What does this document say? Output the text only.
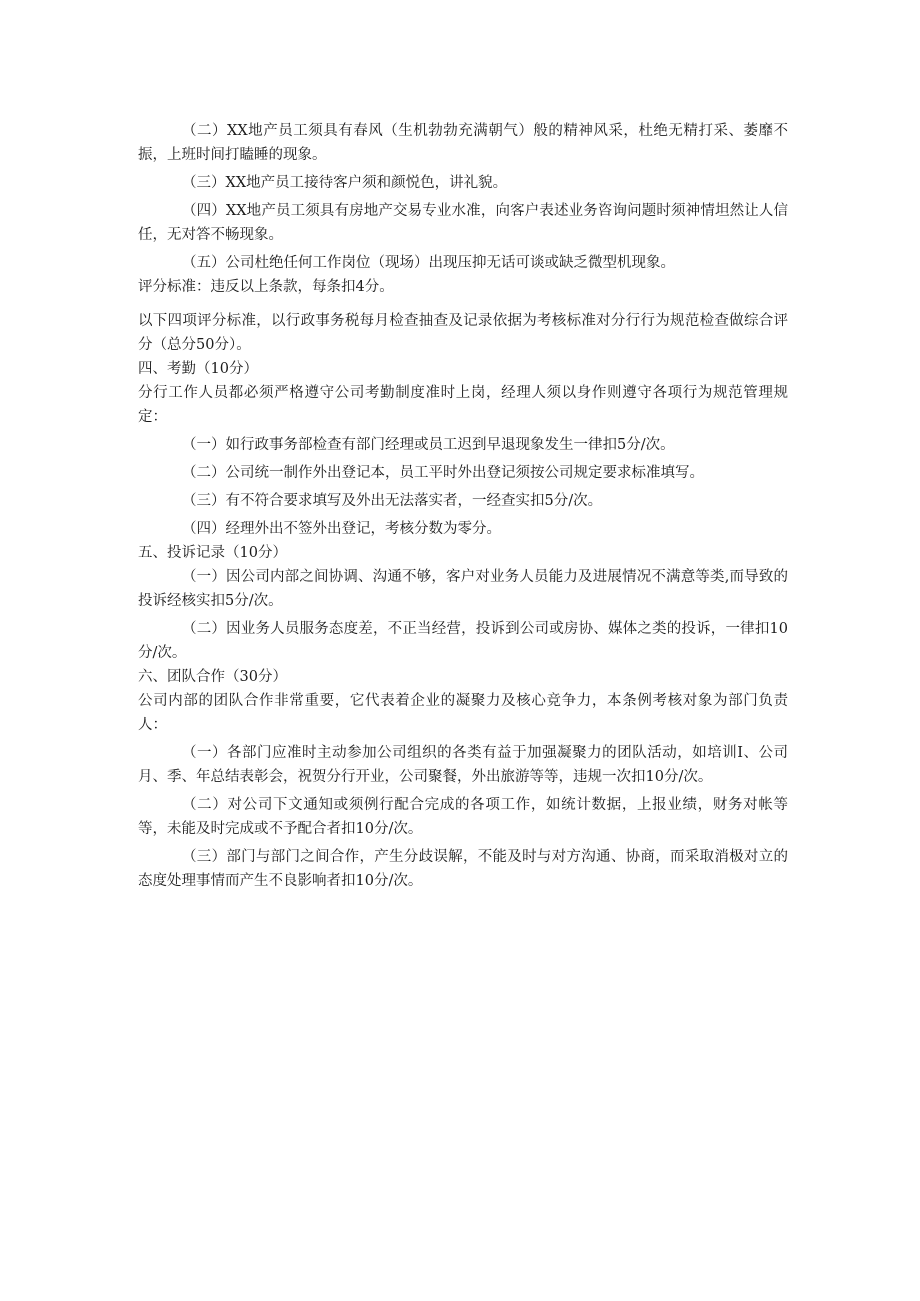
（二）XX地产员工须具有春风（生机勃勃充满朝气）般的精神风采，杜绝无精打采、萎靡不振，上班时间打瞌睡的现象。

（三）XX地产员工接待客户须和颜悦色，讲礼貌。

（四）XX地产员工须具有房地产交易专业水准，向客户表述业务咨询问题时须神情坦然让人信任，无对答不畅现象。

（五）公司杜绝任何工作岗位（现场）出现压抑无话可谈或缺乏微型机现象。

评分标准：违反以上条款，每条扣4分。

以下四项评分标准，以行政事务税每月检查抽查及记录依据为考核标准对分行行为规范检查做综合评分（总分50分）。

四、考勤（10分）

分行工作人员都必须严格遵守公司考勤制度准时上岗，经理人须以身作则遵守各项行为规范管理规定：

（一）如行政事务部检查有部门经理或员工迟到早退现象发生一律扣5分/次。

（二）公司统一制作外出登记本，员工平时外出登记须按公司规定要求标准填写。

（三）有不符合要求填写及外出无法落实者，一经查实扣5分/次。

（四）经理外出不签外出登记，考核分数为零分。

五、投诉记录（10分）

（一）因公司内部之间协调、沟通不够，客户对业务人员能力及进展情况不满意等类,而导致的投诉经核实扣5分/次。

（二）因业务人员服务态度差，不正当经营，投诉到公司或房协、媒体之类的投诉，一律扣10分/次。

六、团队合作（30分）

公司内部的团队合作非常重要，它代表着企业的凝聚力及核心竞争力，本条例考核对象为部门负责人：

（一）各部门应准时主动参加公司组织的各类有益于加强凝聚力的团队活动，如培训I、公司月、季、年总结表彰会，祝贺分行开业，公司聚餐，外出旅游等等，违规一次扣10分/次。

（二）对公司下文通知或须例行配合完成的各项工作，如统计数据，上报业绩，财务对帐等等，未能及时完成或不予配合者扣10分/次。

（三）部门与部门之间合作，产生分歧误解，不能及时与对方沟通、协商，而采取消极对立的态度处理事情而产生不良影响者扣10分/次。
